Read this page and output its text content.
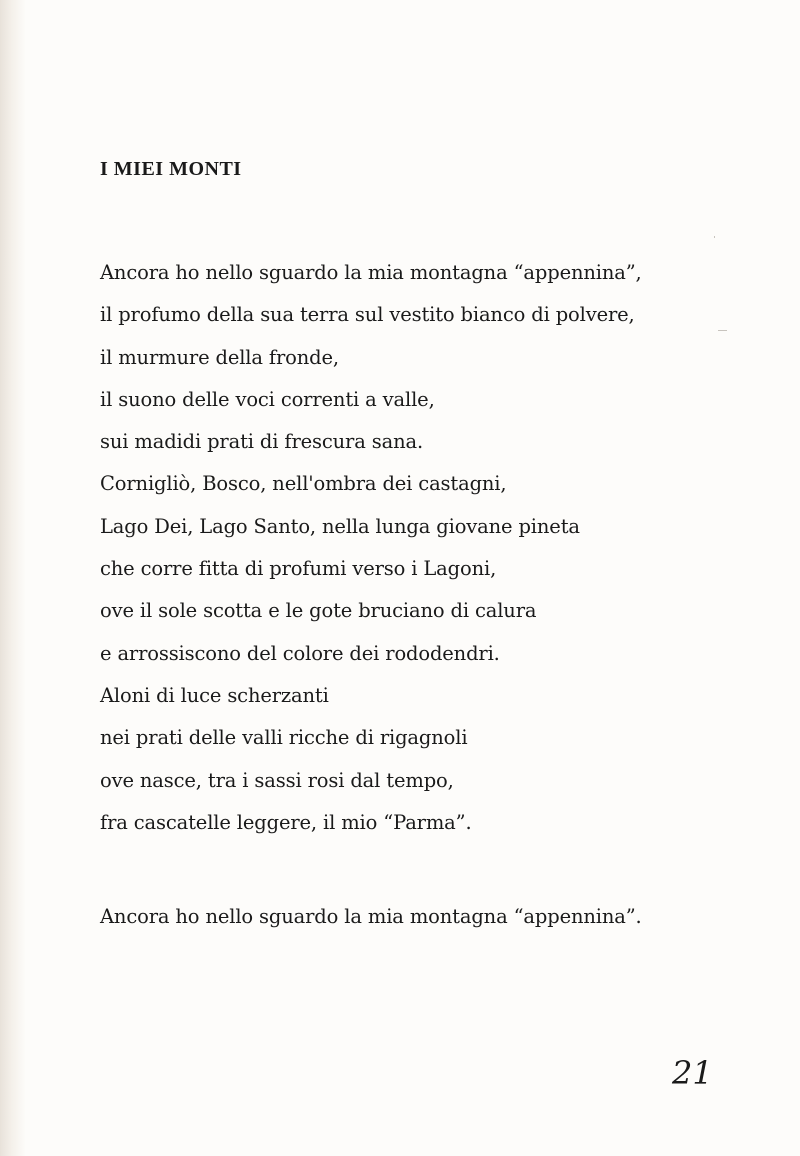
I MIEI MONTI
Ancora ho nello sguardo la mia montagna “appennina”,
il profumo della sua terra sul vestito bianco di polvere,
il murmure della fronde,
il suono delle voci correnti a valle,
sui madidi prati di frescura sana.
Cornigliò, Bosco, nell'ombra dei castagni,
Lago Dei, Lago Santo, nella lunga giovane pineta
che corre fitta di profumi verso i Lagoni,
ove il sole scotta e le gote bruciano di calura
e arrossiscono del colore dei rododendri.
Aloni di luce scherzanti
nei prati delle valli ricche di rigagnoli
ove nasce, tra i sassi rosi dal tempo,
fra cascatelle leggere, il mio “Parma”.
Ancora ho nello sguardo la mia montagna “appennina”.

21
